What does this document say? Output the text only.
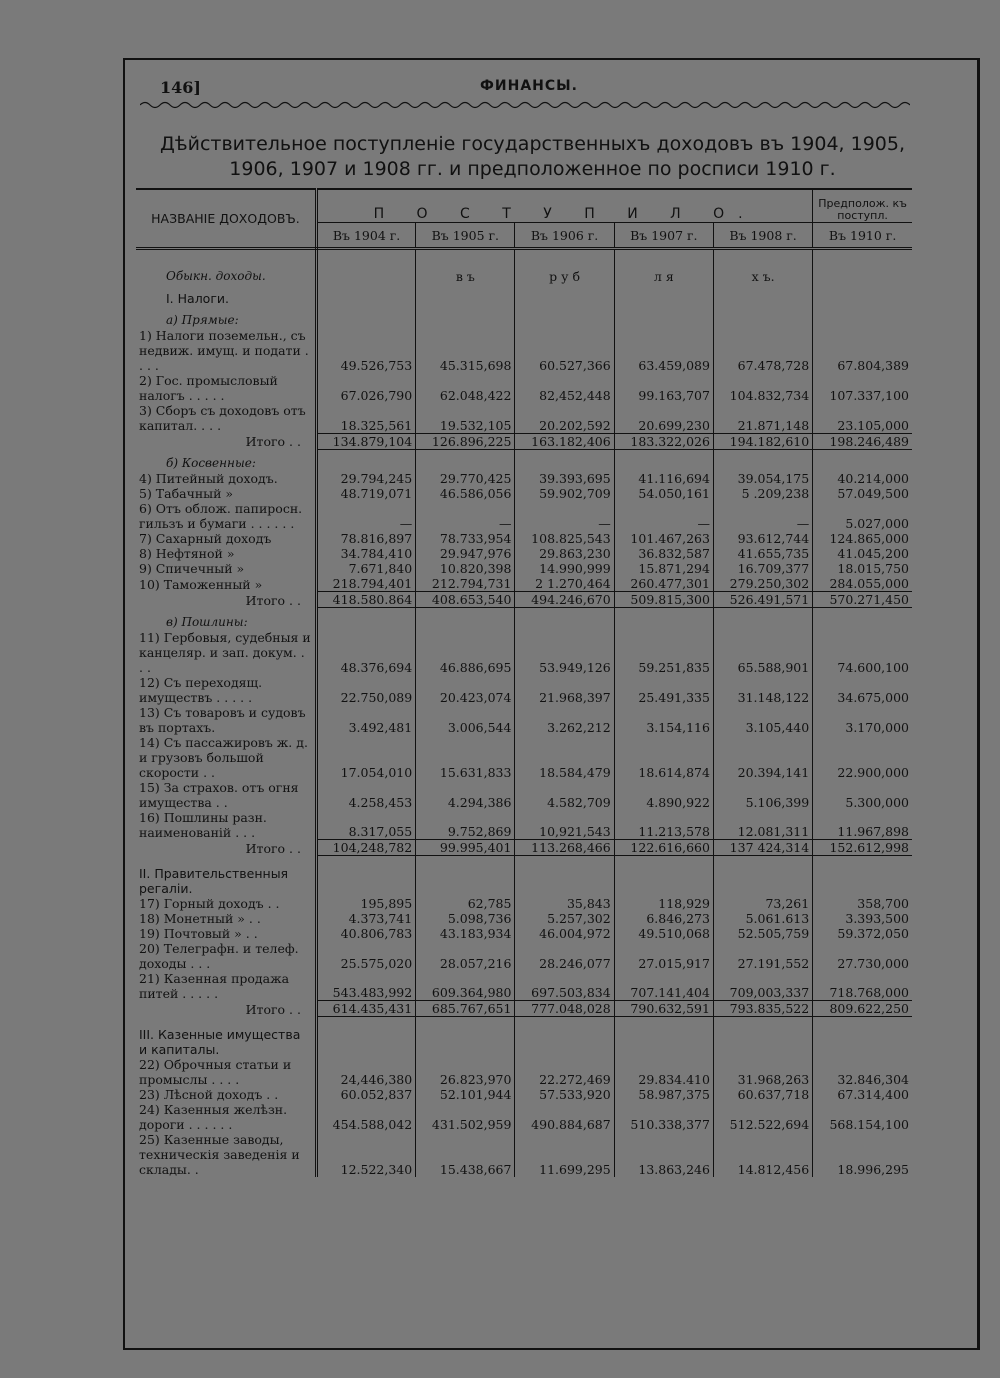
146]	ФИНАНСЫ.
Дѣйствительное поступленіе государственныхъ доходовъ въ 1904, 1905, 1906, 1907 и 1908 гг. и предположенное по росписи 1910 г.
НАЗВАНІЕ ДОХОДОВЪ.	П О С Т У П И Л О.					Предполож. къ поступл.
	Въ 1904 г.	Въ 1905 г.	Въ 1906 г.	Въ 1907 г.	Въ 1908 г.	Въ 1910 г.

Обыкн. доходы.		в ъ	р у б	л я	х ъ.	
I. Налоги.						
а) Прямые:						
1) Налоги поземельн., съ недвиж. имущ. и подати . . . .	49.526,753	45.315,698	60.527,366	63.459,089	67.478,728	67.804,389
2) Гос. промысловый налогъ . . . . .	67.026,790	62.048,422	82,452,448	99.163,707	104.832,734	107.337,100
3) Сборъ съ доходовъ отъ капитал. . . .	18.325,561	19.532,105	20.202,592	20.699,230	21.871,148	23.105,000
Итого . .	134.879,104	126.896,225	163.182,406	183.322,026	194.182,610	198.246,489
б) Косвенные:						
4) Питейный доходъ.	29.794,245	29.770,425	39.393,695	41.116,694	39.054,175	40.214,000
5) Табачный »	48.719,071	46.586,056	59.902,709	54.050,161	5 .209,238	57.049,500
6) Отъ облож. папиросн. гильзъ и бумаги . . . . . .	—	—	—	—	—	5.027,000
7) Сахарный доходъ	78.816,897	78.733,954	108.825,543	101.467,263	93.612,744	124.865,000
8) Нефтяной »	34.784,410	29.947,976	29.863,230	36.832,587	41.655,735	41.045,200
9) Спичечный »	7.671,840	10.820,398	14.990,999	15.871,294	16.709,377	18.015,750
10) Таможенный »	218.794,401	212.794,731	2 1.270,464	260.477,301	279.250,302	284.055,000
Итого . .	418.580.864	408.653,540	494.246,670	509.815,300	526.491,571	570.271,450
в) Пошлины:						
11) Гербовыя, судебныя и канцеляр. и зап. докум. . . .	48.376,694	46.886,695	53.949,126	59.251,835	65.588,901	74.600,100
12) Съ переходящ. имуществъ . . . . .	22.750,089	20.423,074	21.968,397	25.491,335	31.148,122	34.675,000
13) Съ товаровъ и судовъ въ портахъ.	3.492,481	3.006,544	3.262,212	3.154,116	3.105,440	3.170,000
14) Съ пассажировъ ж. д. и грузовъ большой скорости . .	17.054,010	15.631,833	18.584,479	18.614,874	20.394,141	22.900,000
15) За страхов. отъ огня имущества . .	4.258,453	4.294,386	4.582,709	4.890,922	5.106,399	5.300,000
16) Пошлины разн. наименованій . . .	8.317,055	9.752,869	10,921,543	11.213,578	12.081,311	11.967,898
Итого . .	104,248,782	99.995,401	113.268,466	122.616,660	137 424,314	152.612,998
II. Правительственныя регаліи.						
17) Горный доходъ . .	195,895	62,785	35,843	118,929	73,261	358,700
18) Монетный » . .	4.373,741	5.098,736	5.257,302	6.846,273	5.061.613	3.393,500
19) Почтовый » . .	40.806,783	43.183,934	46.004,972	49.510,068	52.505,759	59.372,050
20) Телеграфн. и телеф. доходы . . .	25.575,020	28.057,216	28.246,077	27.015,917	27.191,552	27.730,000
21) Казенная продажа питей . . . . .	543.483,992	609.364,980	697.503,834	707.141,404	709,003,337	718.768,000
Итого . .	614.435,431	685.767,651	777.048,028	790.632,591	793.835,522	809.622,250
III. Казенные имущества и капиталы.						
22) Оброчныя статьи и промыслы . . . .	24,446,380	26.823,970	22.272,469	29.834.410	31.968,263	32.846,304
23) Лѣсной доходъ . .	60.052,837	52.101,944	57.533,920	58.987,375	60.637,718	67.314,400
24) Казенныя желѣзн. дороги . . . . . .	454.588,042	431.502,959	490.884,687	510.338,377	512.522,694	568.154,100
25) Казенные заводы, техническія заведенія и склады. .	12.522,340	15.438,667	11.699,295	13.863,246	14.812,456	18.996,295
